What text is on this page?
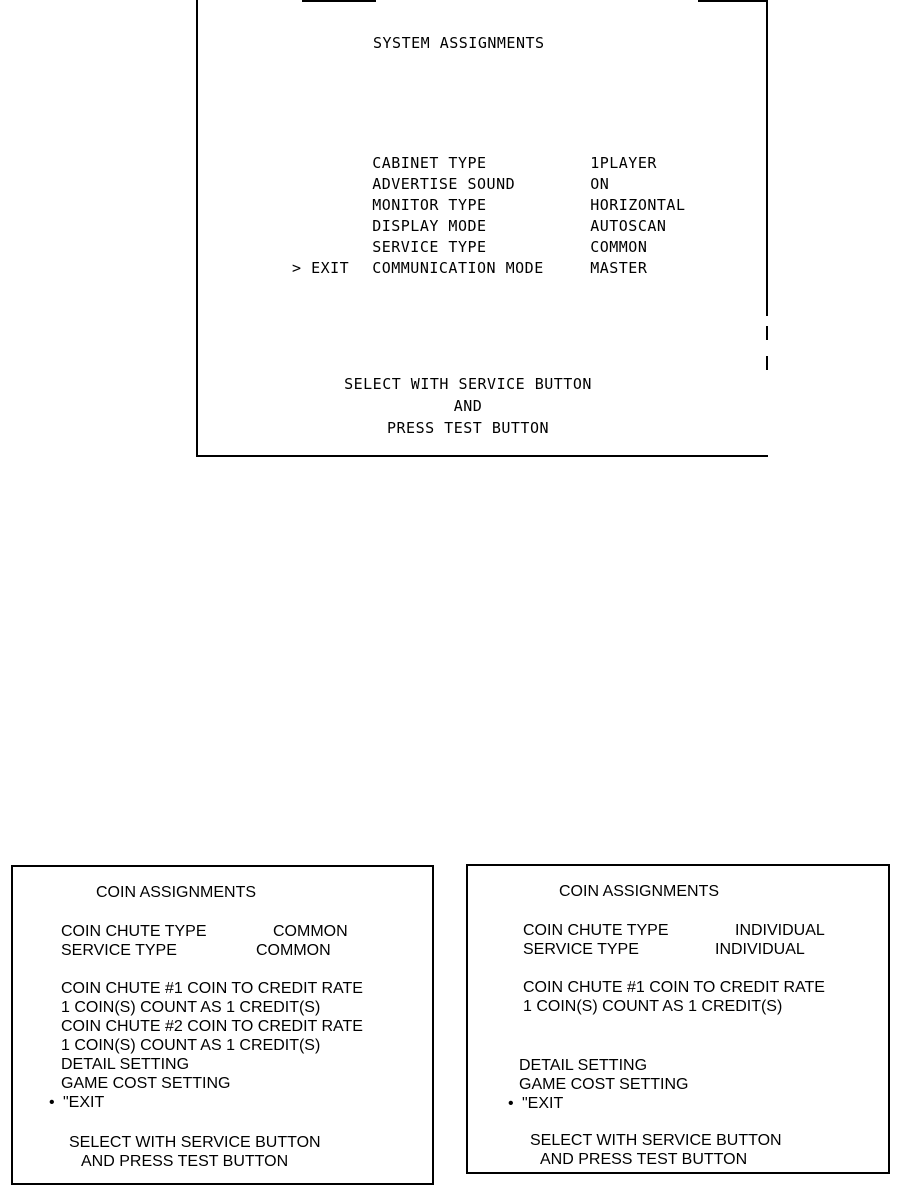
SYSTEM ASSIGNMENTS

CABINET TYPE	1PLAYER

ADVERTISE SOUND	ON

MONITOR TYPE	HORIZONTAL

DISPLAY MODE	AUTOSCAN

SERVICE TYPE	COMMON

COMMUNICATION MODE	MASTER

> EXIT
SELECT WITH SERVICE BUTTON
AND
PRESS TEST BUTTON
COIN ASSIGNMENTS
COIN CHUTE TYPE	COMMON
SERVICE TYPE	COMMON
COIN CHUTE #1 COIN TO CREDIT RATE
1 COIN(S) COUNT AS 1 CREDIT(S)
COIN CHUTE #2 COIN TO CREDIT RATE
1 COIN(S) COUNT AS 1 CREDIT(S)
DETAIL SETTING
GAME COST SETTING
• "EXIT
SELECT WITH SERVICE BUTTON
AND PRESS TEST BUTTON
COIN ASSIGNMENTS
COIN CHUTE TYPE	INDIVIDUAL
SERVICE TYPE	INDIVIDUAL
COIN CHUTE #1 COIN TO CREDIT RATE
1 COIN(S) COUNT AS 1 CREDIT(S)
DETAIL SETTING
GAME COST SETTING
• "EXIT
SELECT WITH SERVICE BUTTON
AND PRESS TEST BUTTON
